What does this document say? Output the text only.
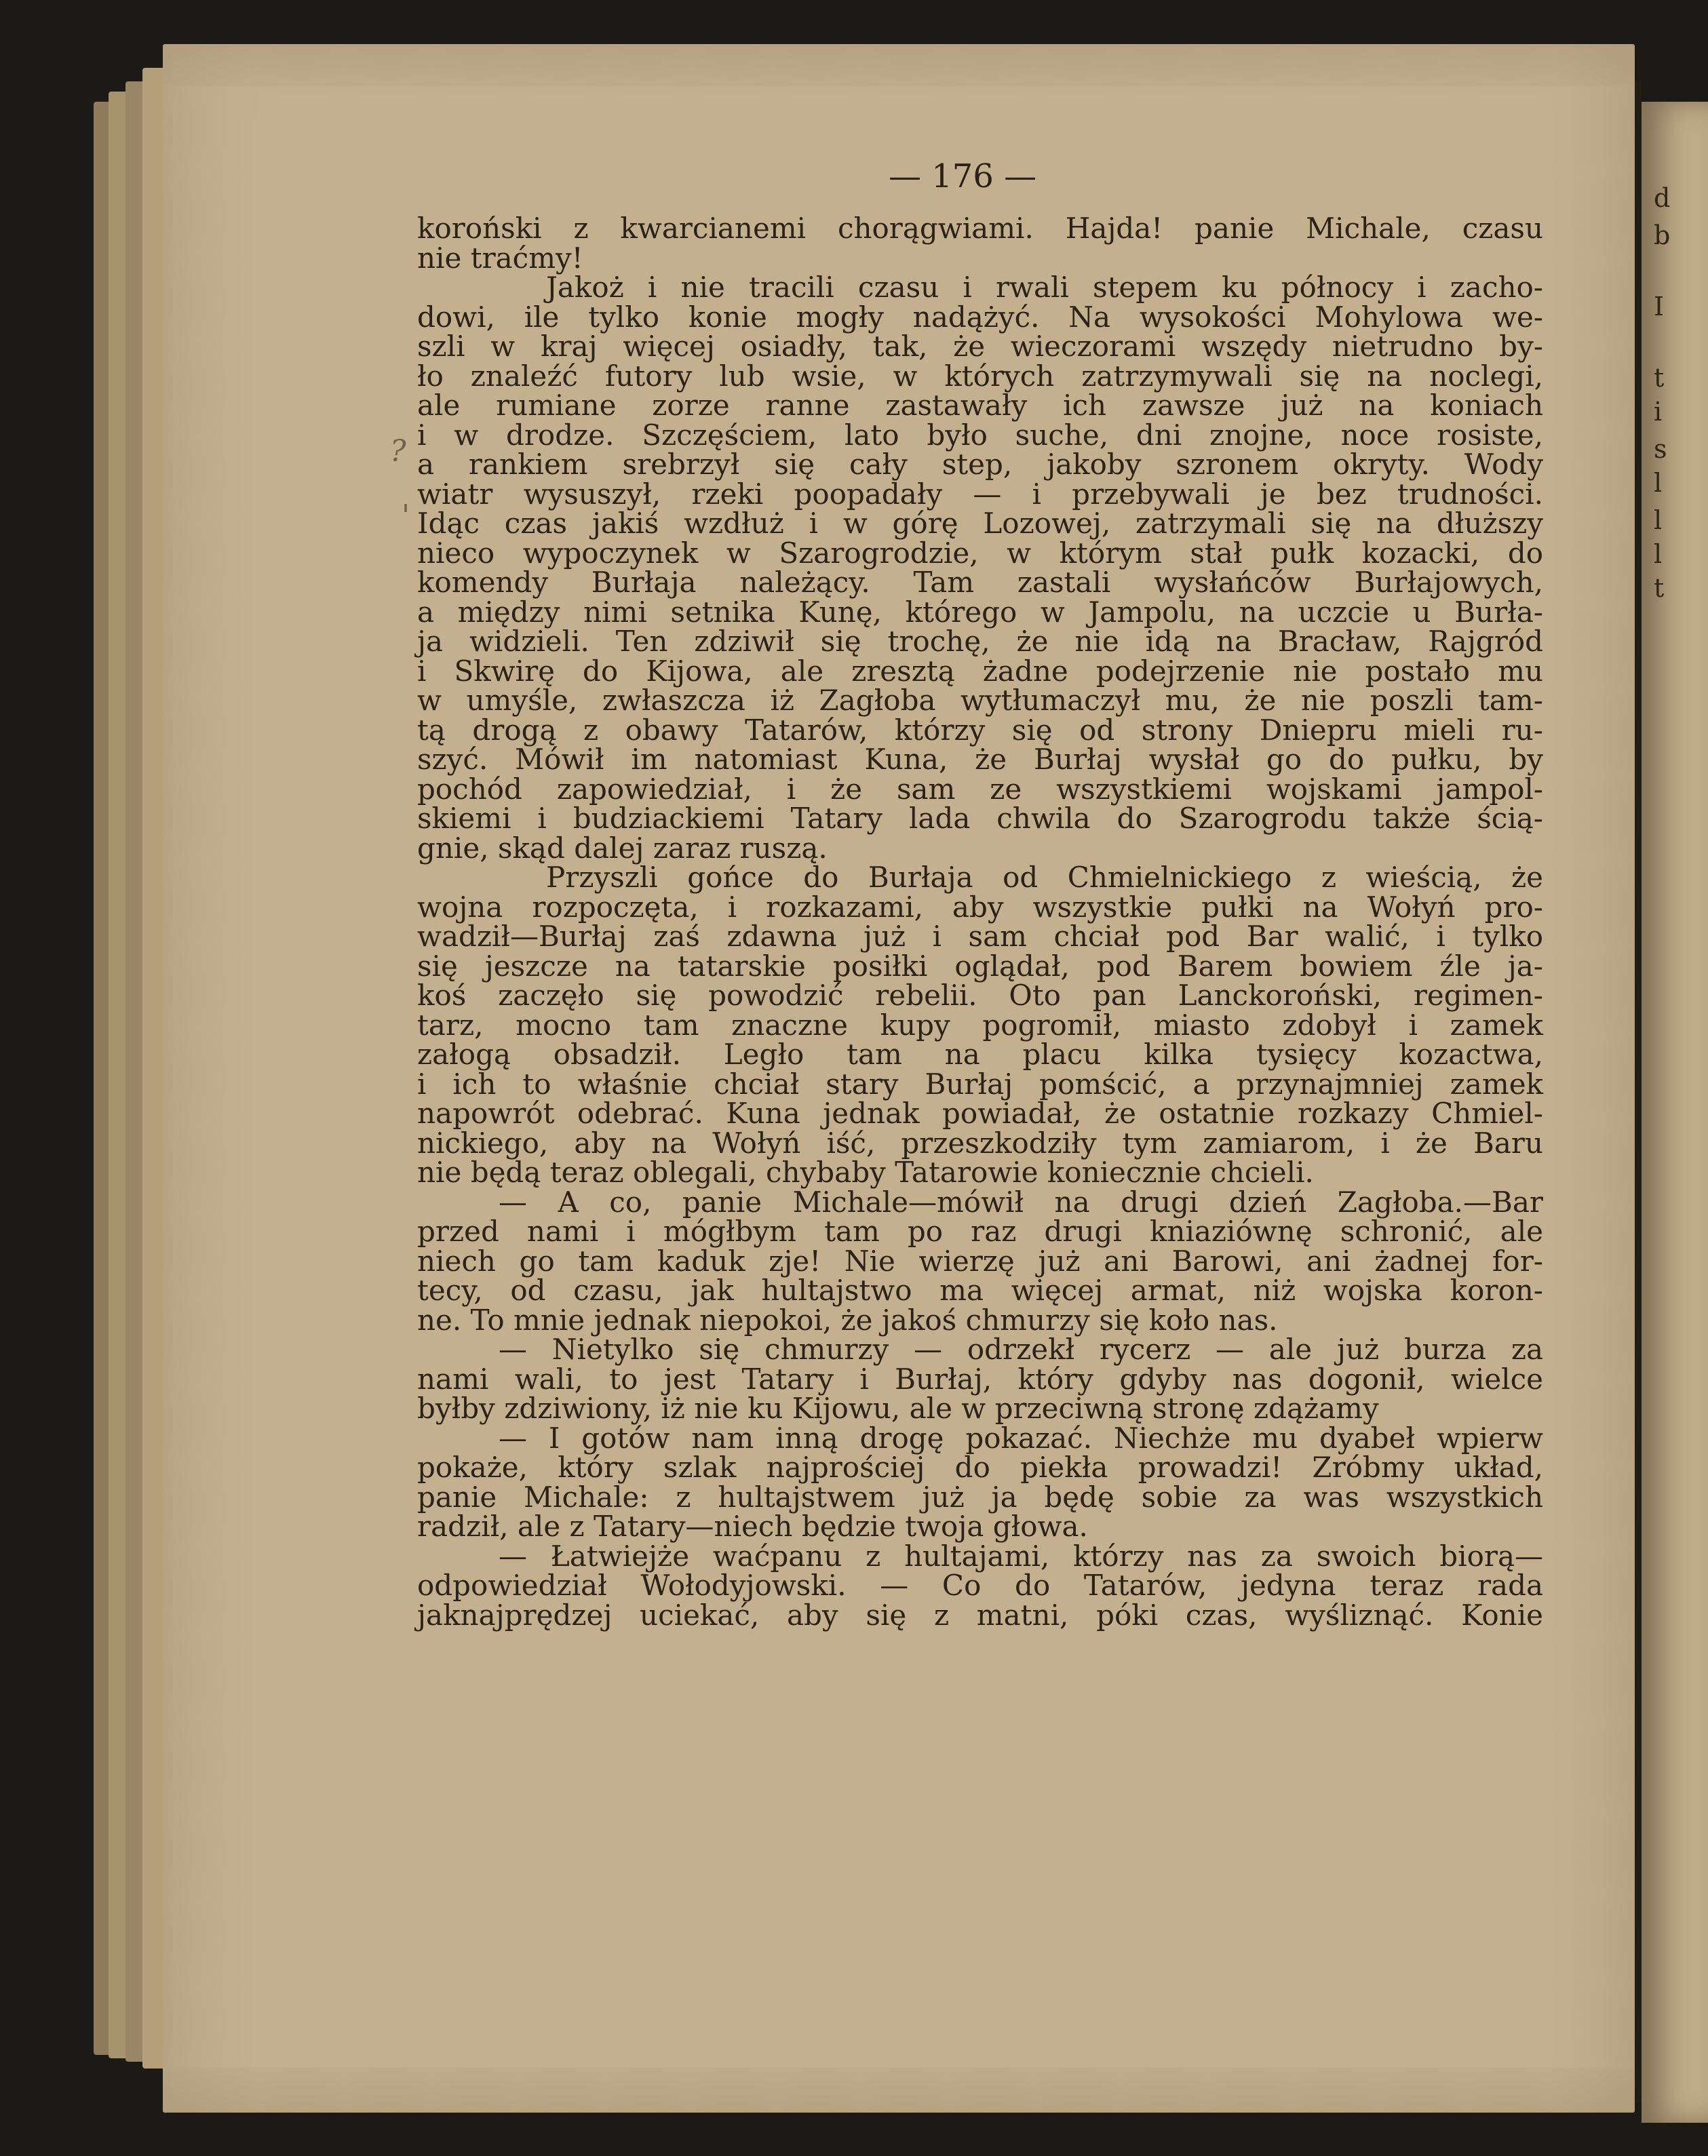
d
b
I
t
i
s
l
l
l
t
— 176 —
?
'
koroński z kwarcianemi chorągwiami. Hajda! panie Michale, czasu
nie traćmy!
Jakoż i nie tracili czasu i rwali stepem ku północy i zacho-
dowi, ile tylko konie mogły nadążyć. Na wysokości Mohylowa we-
szli w kraj więcej osiadły, tak, że wieczorami wszędy nietrudno by-
ło znaleźć futory lub wsie, w których zatrzymywali się na noclegi,
ale rumiane zorze ranne zastawały ich zawsze już na koniach
i w drodze. Szczęściem, lato było suche, dni znojne, noce rosiste,
a rankiem srebrzył się cały step, jakoby szronem okryty. Wody
wiatr wysuszył, rzeki poopadały — i przebywali je bez trudności.
Idąc czas jakiś wzdłuż i w górę Lozowej, zatrzymali się na dłuższy
nieco wypoczynek w Szarogrodzie, w którym stał pułk kozacki, do
komendy Burłaja należący. Tam zastali wysłańców Burłajowych,
a między nimi setnika Kunę, którego w Jampolu, na uczcie u Burła-
ja widzieli. Ten zdziwił się trochę, że nie idą na Bracław, Rajgród
i Skwirę do Kijowa, ale zresztą żadne podejrzenie nie postało mu
w umyśle, zwłaszcza iż Zagłoba wytłumaczył mu, że nie poszli tam-
tą drogą z obawy Tatarów, którzy się od strony Dniepru mieli ru-
szyć. Mówił im natomiast Kuna, że Burłaj wysłał go do pułku, by
pochód zapowiedział, i że sam ze wszystkiemi wojskami jampol-
skiemi i budziackiemi Tatary lada chwila do Szarogrodu także ścią-
gnie, skąd dalej zaraz ruszą.
Przyszli gońce do Burłaja od Chmielnickiego z wieścią, że
wojna rozpoczęta, i rozkazami, aby wszystkie pułki na Wołyń pro-
wadził—Burłaj zaś zdawna już i sam chciał pod Bar walić, i tylko
się jeszcze na tatarskie posiłki oglądał, pod Barem bowiem źle ja-
koś zaczęło się powodzić rebelii. Oto pan Lanckoroński, regimen-
tarz, mocno tam znaczne kupy pogromił, miasto zdobył i zamek
załogą obsadził. Legło tam na placu kilka tysięcy kozactwa,
i ich to właśnie chciał stary Burłaj pomścić, a przynajmniej zamek
napowrót odebrać. Kuna jednak powiadał, że ostatnie rozkazy Chmiel-
nickiego, aby na Wołyń iść, przeszkodziły tym zamiarom, i że Baru
nie będą teraz oblegali, chybaby Tatarowie koniecznie chcieli.
— A co, panie Michale—mówił na drugi dzień Zagłoba.—Bar
przed nami i mógłbym tam po raz drugi kniaziównę schronić, ale
niech go tam kaduk zje! Nie wierzę już ani Barowi, ani żadnej for-
tecy, od czasu, jak hultajstwo ma więcej armat, niż wojska koron-
ne. To mnie jednak niepokoi, że jakoś chmurzy się koło nas.
— Nietylko się chmurzy — odrzekł rycerz — ale już burza za
nami wali, to jest Tatary i Burłaj, który gdyby nas dogonił, wielce
byłby zdziwiony, iż nie ku Kijowu, ale w przeciwną stronę zdążamy
— I gotów nam inną drogę pokazać. Niechże mu dyabeł wpierw
pokaże, który szlak najprościej do piekła prowadzi! Zróbmy układ,
panie Michale: z hultajstwem już ja będę sobie za was wszystkich
radził, ale z Tatary—niech będzie twoja głowa.
— Łatwiejże waćpanu z hultajami, którzy nas za swoich biorą—
odpowiedział Wołodyjowski. — Co do Tatarów, jedyna teraz rada
jaknajprędzej uciekać, aby się z matni, póki czas, wyśliznąć. Konie
